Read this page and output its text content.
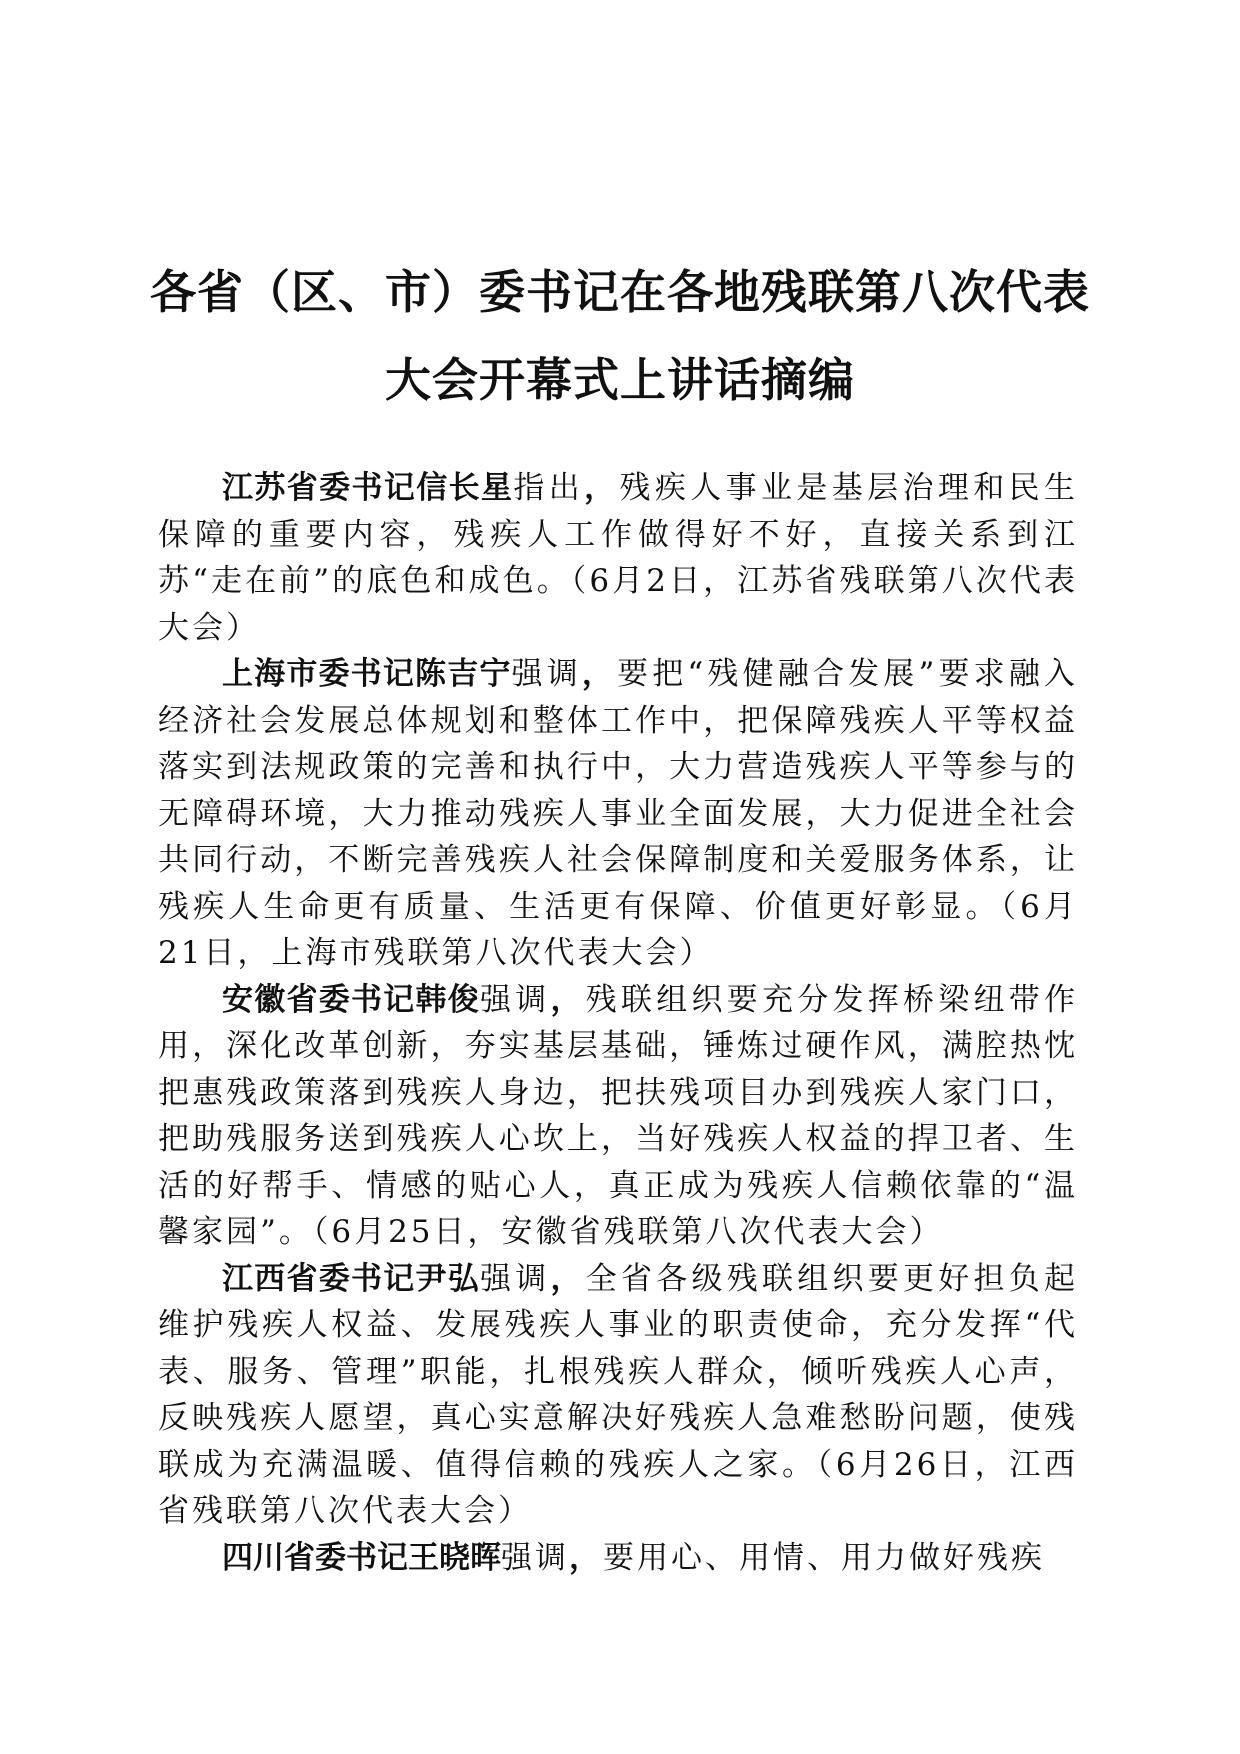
各省（区、市）委书记在各地残联第八次代表
大会开幕式上讲话摘编

江苏省委书记信长星指出，残疾人事业是基层治理和民生保障的重要内容，残疾人工作做得好不好，直接关系到江苏“走在前”的底色和成色。（6月2日，江苏省残联第八次代表大会）

上海市委书记陈吉宁强调，要把“残健融合发展”要求融入经济社会发展总体规划和整体工作中，把保障残疾人平等权益落实到法规政策的完善和执行中，大力营造残疾人平等参与的无障碍环境，大力推动残疾人事业全面发展，大力促进全社会共同行动，不断完善残疾人社会保障制度和关爱服务体系，让残疾人生命更有质量、生活更有保障、价值更好彰显。（6月21日，上海市残联第八次代表大会）

安徽省委书记韩俊强调，残联组织要充分发挥桥梁纽带作用，深化改革创新，夯实基层基础，锤炼过硬作风，满腔热忱把惠残政策落到残疾人身边，把扶残项目办到残疾人家门口，把助残服务送到残疾人心坎上，当好残疾人权益的捍卫者、生活的好帮手、情感的贴心人，真正成为残疾人信赖依靠的“温馨家园”。（6月25日，安徽省残联第八次代表大会）

江西省委书记尹弘强调，全省各级残联组织要更好担负起维护残疾人权益、发展残疾人事业的职责使命，充分发挥“代表、服务、管理”职能，扎根残疾人群众，倾听残疾人心声，反映残疾人愿望，真心实意解决好残疾人急难愁盼问题，使残联成为充满温暖、值得信赖的残疾人之家。（6月26日，江西省残联第八次代表大会）

四川省委书记王晓晖强调，要用心、用情、用力做好残疾
